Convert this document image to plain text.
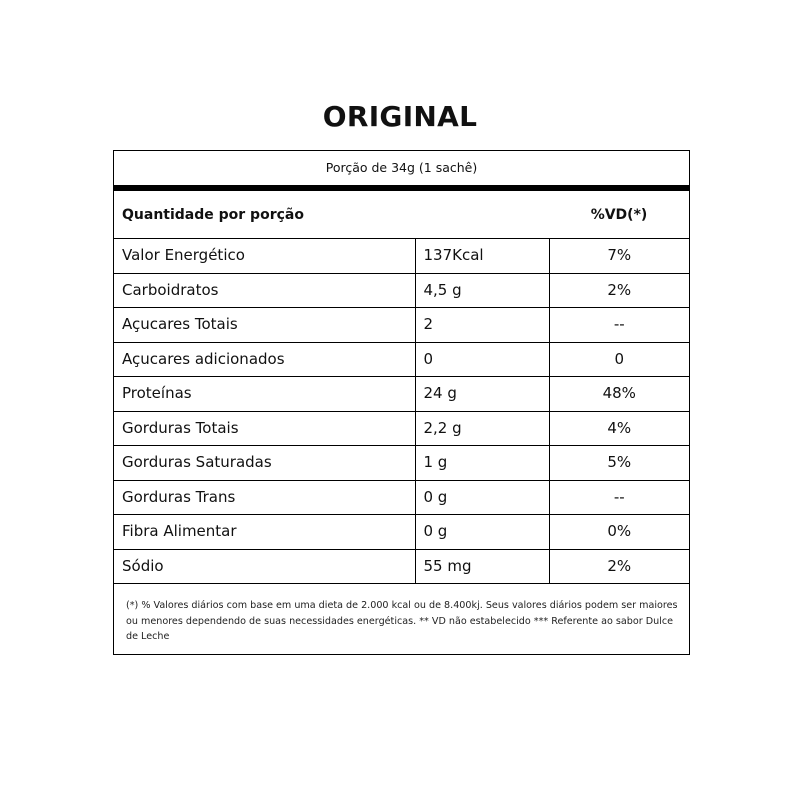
ORIGINAL
Porção de 34g (1 sachê)
Quantidade por porção	%VD(*)
Valor Energético	137Kcal	7%
Carboidratos	4,5 g	2%
Açucares Totais	2	--
Açucares adicionados	0	0
Proteínas	24 g	48%
Gorduras Totais	2,2 g	4%
Gorduras Saturadas	1 g	5%
Gorduras Trans	0 g	--
Fibra Alimentar	0 g	0%
Sódio	55 mg	2%
(*) % Valores diários com base em uma dieta de 2.000 kcal ou de 8.400kj. Seus valores diários podem ser maiores ou menores dependendo de suas necessidades energéticas. ** VD não estabelecido *** Referente ao sabor Dulce de Leche
